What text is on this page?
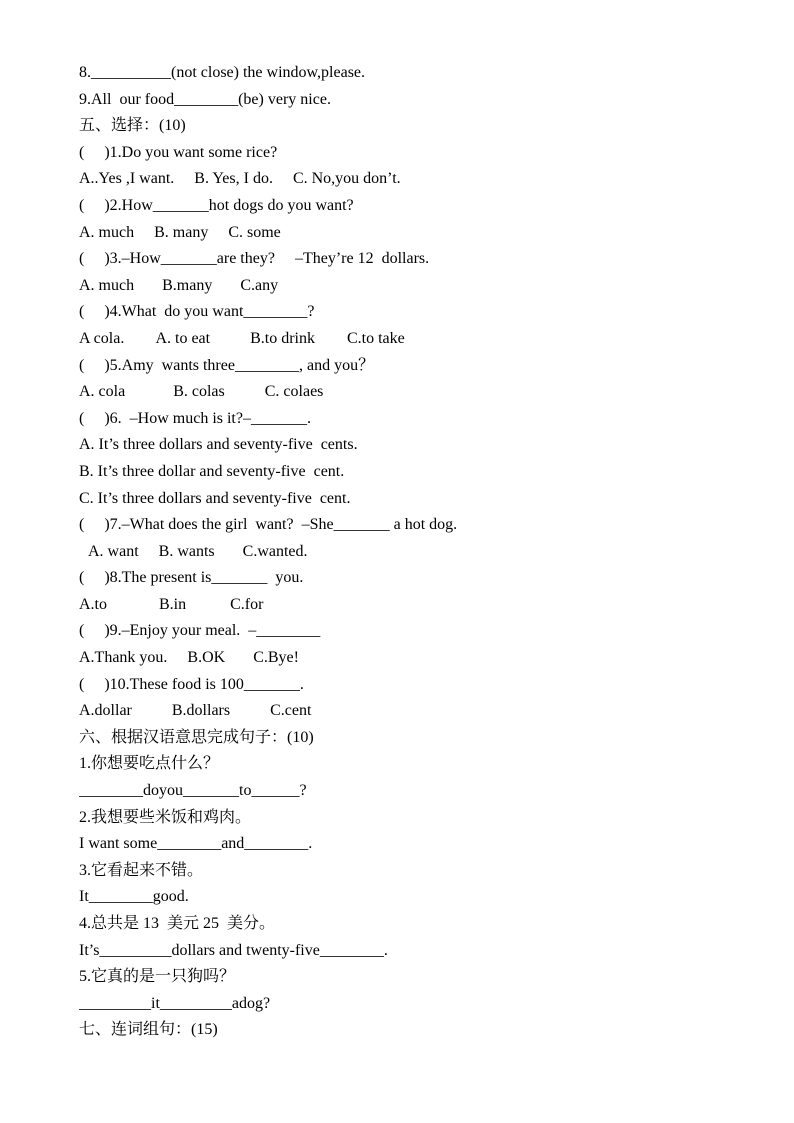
8.__________(not close) the window,please.
9.All  our food________(be) very nice.
五、选择：(10)
(     )1.Do you want some rice?
A..Yes ,I want.     B. Yes, I do.     C. No,you don’t.
(     )2.How_______hot dogs do you want?
A. much     B. many     C. some
(     )3.–How_______are they?     –They’re 12  dollars.
A. much       B.many       C.any
(     )4.What  do you want________?
A cola.        A. to eat          B.to drink        C.to take
(     )5.Amy  wants three________, and you？
A. cola            B. colas          C. colaes
(     )6.  –How much is it?–_______.
A. It’s three dollars and seventy-five  cents.
B. It’s three dollar and seventy-five  cent.
C. It’s three dollars and seventy-five  cent.
(     )7.–What does the girl  want?  –She_______ a hot dog.
A. want     B. wants       C.wanted.
(     )8.The present is_______  you.
A.to             B.in           C.for
(     )9.–Enjoy your meal.  –________
A.Thank you.     B.OK       C.Bye!
(     )10.These food is 100_______.
A.dollar          B.dollars          C.cent
六、根据汉语意思完成句子：(10)
1.你想要吃点什么？
________doyou_______to______?
2.我想要些米饭和鸡肉。
I want some________and________.
3.它看起来不错。
It________good.
4.总共是 13  美元 25  美分。
It’s_________dollars and twenty-five________.
5.它真的是一只狗吗？
_________it_________adog?
七、连词组句：(15)
